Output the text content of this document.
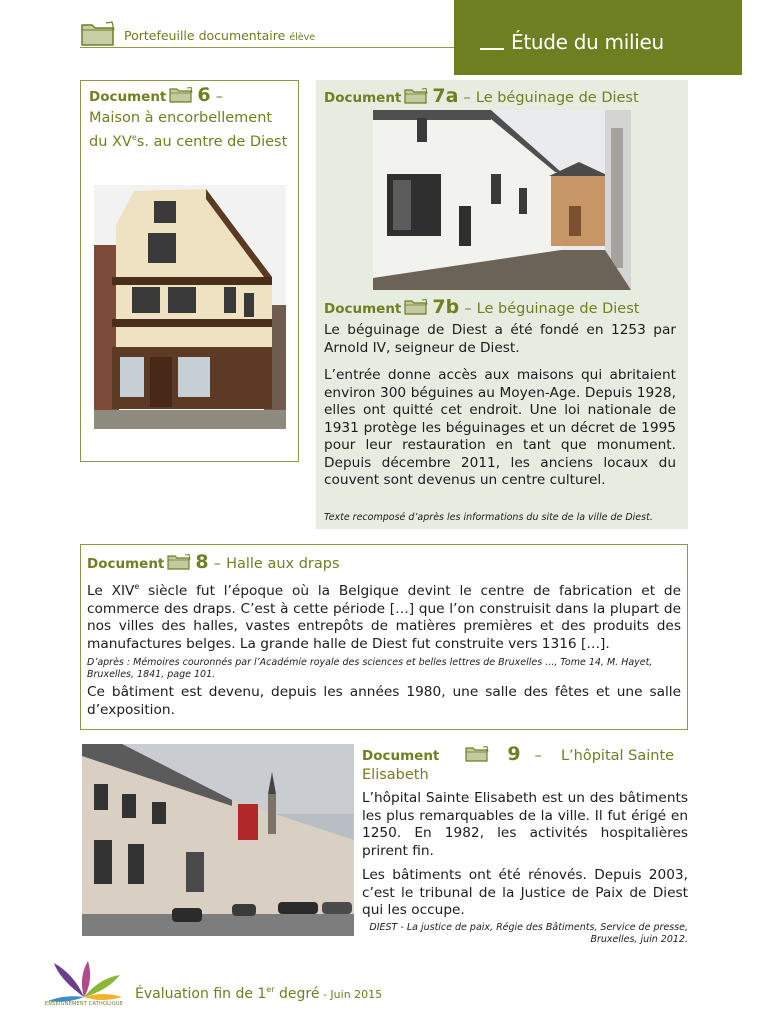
Portefeuille documentaire élève	Étude du milieu
Document 6 –
Maison à encorbellement du XVes. au centre de Diest
Document 7a – Le béguinage de Diest
Document 7b – Le béguinage de Diest

Le béguinage de Diest a été fondé en 1253 par Arnold IV, seigneur de Diest.

L’entrée donne accès aux maisons qui abritaient environ 300 béguines au Moyen-Age. Depuis 1928, elles ont quitté cet endroit. Une loi nationale de 1931 protège les béguinages et un décret de 1995 pour leur restauration en tant que monument. Depuis décembre 2011, les anciens locaux du couvent sont devenus un centre culturel.

Texte recomposé d’après les informations du site de la ville de Diest.

Document 8 – Halle aux draps

Le XIVe siècle fut l’époque où la Belgique devint le centre de fabrication et de commerce des draps. C’est à cette période […] que l’on construisit dans la plupart de nos villes des halles, vastes entrepôts de matières premières et des produits des manufactures belges. La grande halle de Diest fut construite vers 1316 […].

D’après : Mémoires couronnés par l’Académie royale des sciences et belles lettres de Bruxelles ..., Tome 14, M. Hayet, Bruxelles, 1841, page 101.

Ce bâtiment est devenu, depuis les années 1980, une salle des fêtes et une salle d’exposition.

Document	9 – L’hôpital Sainte Elisabeth

L’hôpital Sainte Elisabeth est un des bâtiments les plus remarquables de la ville. Il fut érigé en 1250. En 1982, les activités hospitalières prirent fin.

Les bâtiments ont été rénovés. Depuis 2003, c’est le tribunal de la Justice de Paix de Diest qui les occupe.

DIEST - La justice de paix, Régie des Bâtiments, Service de presse, Bruxelles, juin 2012.

ENSEIGNEMENT CATHOLIQUE
Évaluation fin de 1er degré - Juin 2015
